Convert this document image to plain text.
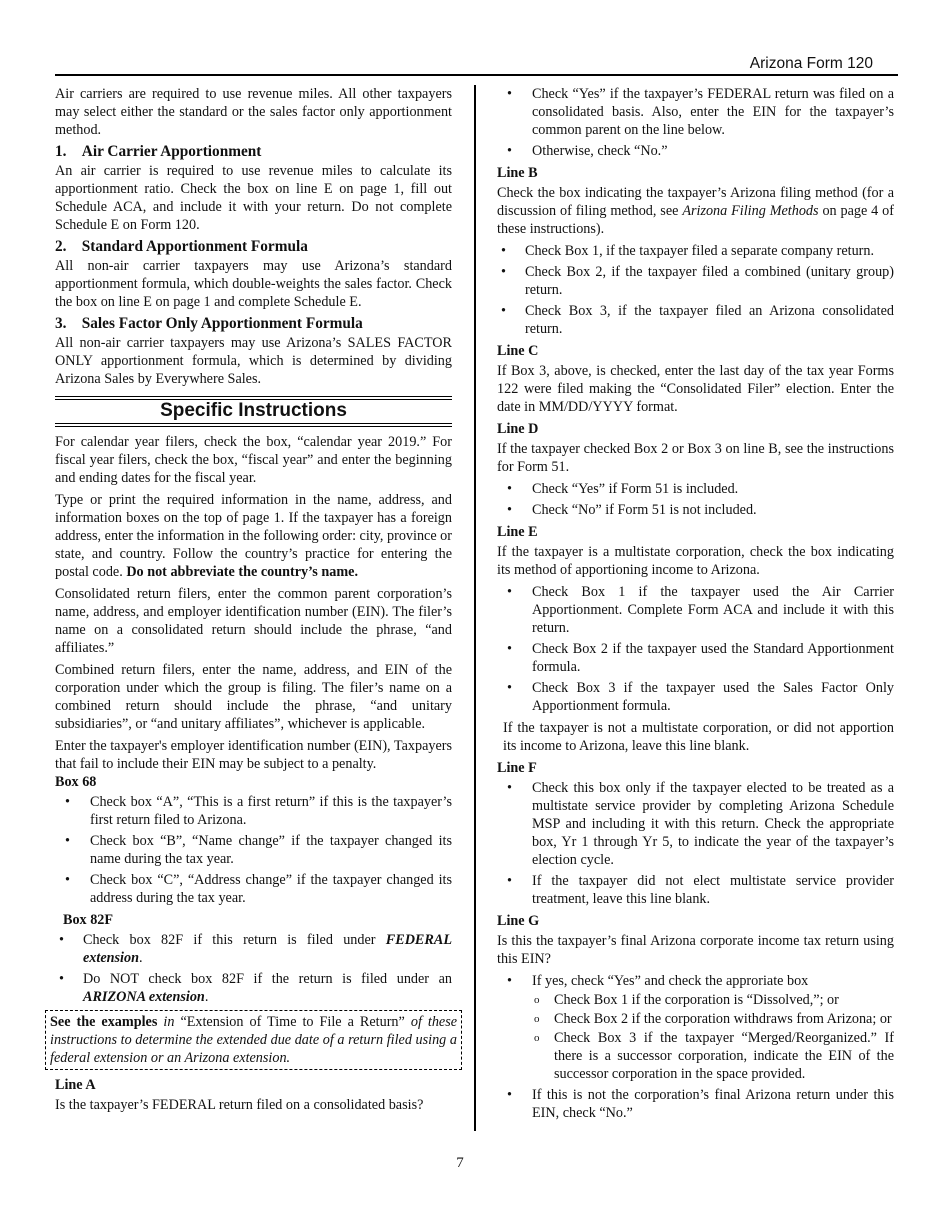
Arizona Form 120

Air carriers are required to use revenue miles. All other taxpayers may select either the standard or the sales factor only apportionment method.

1. Air Carrier Apportionment

An air carrier is required to use revenue miles to calculate its apportionment ratio. Check the box on line E on page 1, fill out Schedule ACA, and include it with your return. Do not complete Schedule E on Form 120.

2. Standard Apportionment Formula

All non-air carrier taxpayers may use Arizona’s standard apportionment formula, which double-weights the sales factor. Check the box on line E on page 1 and complete Schedule E.

3. Sales Factor Only Apportionment Formula

All non-air carrier taxpayers may use Arizona’s SALES FACTOR ONLY apportionment formula, which is determined by dividing Arizona Sales by Everywhere Sales.

Specific Instructions

For calendar year filers, check the box, “calendar year 2019.” For fiscal year filers, check the box, “fiscal year” and enter the beginning and ending dates for the fiscal year.

Type or print the required information in the name, address, and information boxes on the top of page 1. If the taxpayer has a foreign address, enter the information in the following order: city, province or state, and country. Follow the country’s practice for entering the postal code. Do not abbreviate the country’s name.

Consolidated return filers, enter the common parent corporation’s name, address, and employer identification number (EIN). The filer’s name on a consolidated return should include the phrase, “and affiliates.”

Combined return filers, enter the name, address, and EIN of the corporation under which the group is filing. The filer’s name on a combined return should include the phrase, “and unitary subsidiaries”, or “and unitary affiliates”, whichever is applicable.

Enter the taxpayer's employer identification number (EIN), Taxpayers that fail to include their EIN may be subject to a penalty.

Box 68
• Check box “A”, “This is a first return” if this is the taxpayer’s first return filed to Arizona.
• Check box “B”, “Name change” if the taxpayer changed its name during the tax year.
• Check box “C”, “Address change” if the taxpayer changed its address during the tax year.
Box 82F
• Check box 82F if this return is filed under FEDERAL extension.
• Do NOT check box 82F if the return is filed under an ARIZONA extension.
See the examples in “Extension of Time to File a Return” of these instructions to determine the extended due date of a return filed using a federal extension or an Arizona extension.
Line A

Is the taxpayer’s FEDERAL return filed on a consolidated basis?

• Check “Yes” if the taxpayer’s FEDERAL return was filed on a consolidated basis. Also, enter the EIN for the taxpayer’s common parent on the line below.
• Otherwise, check “No.”
Line B

Check the box indicating the taxpayer’s Arizona filing method (for a discussion of filing method, see Arizona Filing Methods on page 4 of these instructions).

• Check Box 1, if the taxpayer filed a separate company return.
• Check Box 2, if the taxpayer filed a combined (unitary group) return.
• Check Box 3, if the taxpayer filed an Arizona consolidated return.
Line C

If Box 3, above, is checked, enter the last day of the tax year Forms 122 were filed making the “Consolidated Filer” election. Enter the date in MM/DD/YYYY format.

Line D

If the taxpayer checked Box 2 or Box 3 on line B, see the instructions for Form 51.

• Check “Yes” if Form 51 is included.
• Check “No” if Form 51 is not included.
Line E

If the taxpayer is a multistate corporation, check the box indicating its method of apportioning income to Arizona.

• Check Box 1 if the taxpayer used the Air Carrier Apportionment. Complete Form ACA and include it with this return.
• Check Box 2 if the taxpayer used the Standard Apportionment formula.
• Check Box 3 if the taxpayer used the Sales Factor Only Apportionment formula.

If the taxpayer is not a multistate corporation, or did not apportion its income to Arizona, leave this line blank.

Line F
• Check this box only if the taxpayer elected to be treated as a multistate service provider by completing Arizona Schedule MSP and including it with this return. Check the appropriate box, Yr 1 through Yr 5, to indicate the year of the taxpayer’s election cycle.
• If the taxpayer did not elect multistate service provider treatment, leave this line blank.
Line G

Is this the taxpayer’s final Arizona corporate income tax return using this EIN?

• If yes, check “Yes” and check the approriate box
o Check Box 1 if the corporation is “Dissolved,”; or
o Check Box 2 if the corporation withdraws from Arizona; or
o Check Box 3 if the taxpayer “Merged/Reorganized.” If there is a successor corporation, indicate the EIN of the successor corporation in the space provided.
• If this is not the corporation’s final Arizona return under this EIN, check “No.”
7
